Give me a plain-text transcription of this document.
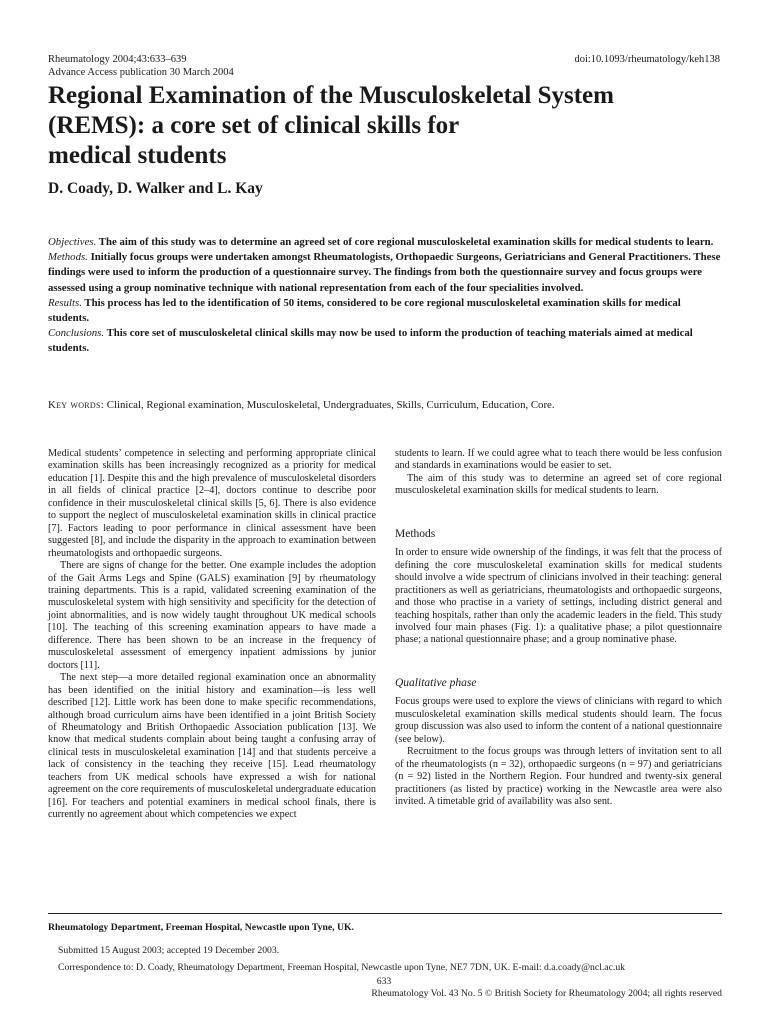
Rheumatology 2004;43:633–639
Advance Access publication 30 March 2004
doi:10.1093/rheumatology/keh138
Regional Examination of the Musculoskeletal System
(REMS): a core set of clinical skills for
medical students
D. Coady, D. Walker and L. Kay
Objectives. The aim of this study was to determine an agreed set of core regional musculoskeletal examination skills for medical students to learn.
Methods. Initially focus groups were undertaken amongst Rheumatologists, Orthopaedic Surgeons, Geriatricians and General Practitioners. These findings were used to inform the production of a questionnaire survey. The findings from both the questionnaire survey and focus groups were assessed using a group nominative technique with national representation from each of the four specialities involved.
Results. This process has led to the identification of 50 items, considered to be core regional musculoskeletal examination skills for medical students.
Conclusions. This core set of musculoskeletal clinical skills may now be used to inform the production of teaching materials aimed at medical students.
Key words: Clinical, Regional examination, Musculoskeletal, Undergraduates, Skills, Curriculum, Education, Core.

Medical students’ competence in selecting and performing appropriate clinical examination skills has been increasingly recognized as a priority for medical education [1]. Despite this and the high prevalence of musculoskeletal disorders in all fields of clinical practice [2–4], doctors continue to describe poor confidence in their musculoskeletal clinical skills [5, 6]. There is also evidence to support the neglect of musculoskeletal examination skills in clinical practice [7]. Factors leading to poor performance in clinical assessment have been suggested [8], and include the disparity in the approach to examination between rheumatologists and orthopaedic surgeons.

There are signs of change for the better. One example includes the adoption of the Gait Arms Legs and Spine (GALS) examination [9] by rheumatology training departments. This is a rapid, validated screening examination of the musculoskeletal system with high sensitivity and specificity for the detection of joint abnormalities, and is now widely taught throughout UK medical schools [10]. The teaching of this screening examination appears to have made a difference. There has been shown to be an increase in the frequency of musculoskeletal assessment of emergency inpatient admissions by junior doctors [11].

The next step—a more detailed regional examination once an abnormality has been identified on the initial history and examination—is less well described [12]. Little work has been done to make specific recommendations, although broad curriculum aims have been identified in a joint British Society of Rheumatology and British Orthopaedic Association publication [13]. We know that medical students complain about being taught a confusing array of clinical tests in musculoskeletal examination [14] and that students perceive a lack of consistency in the teaching they receive [15]. Lead rheumatology teachers from UK medical schools have expressed a wish for national agreement on the core requirements of musculoskeletal undergraduate education [16]. For teachers and potential examiners in medical school finals, there is currently no agreement about which competencies we expect

students to learn. If we could agree what to teach there would be less confusion and standards in examinations would be easier to set.

The aim of this study was to determine an agreed set of core regional musculoskeletal examination skills for medical students to learn.

Methods

In order to ensure wide ownership of the findings, it was felt that the process of defining the core musculoskeletal examination skills for medical students should involve a wide spectrum of clinicians involved in their teaching: general practitioners as well as geriatricians, rheumatologists and orthopaedic surgeons, and those who practise in a variety of settings, including district general and teaching hospitals, rather than only the academic leaders in the field. This study involved four main phases (Fig. 1): a qualitative phase; a pilot questionnaire phase; a national questionnaire phase; and a group nominative phase.

Qualitative phase

Focus groups were used to explore the views of clinicians with regard to which musculoskeletal examination skills medical students should learn. The focus group discussion was also used to inform the content of a national questionnaire (see below).

Recruitment to the focus groups was through letters of invitation sent to all of the rheumatologists (n = 32), orthopaedic surgeons (n = 97) and geriatricians (n = 92) listed in the Northern Region. Four hundred and twenty-six general practitioners (as listed by practice) working in the Newcastle area were also invited. A timetable grid of availability was also sent.

Rheumatology Department, Freeman Hospital, Newcastle upon Tyne, UK.
Submitted 15 August 2003; accepted 19 December 2003.
Correspondence to: D. Coady, Rheumatology Department, Freeman Hospital, Newcastle upon Tyne, NE7 7DN, UK. E-mail: d.a.coady@ncl.ac.uk
633
Rheumatology Vol. 43 No. 5 © British Society for Rheumatology 2004; all rights reserved
